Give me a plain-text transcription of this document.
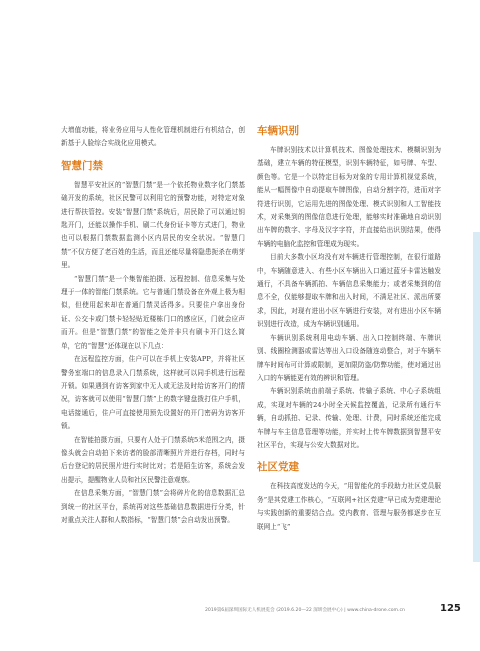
大增值功能，将业务应用与人性化管理机制进行有机结合，创新基于人脸综合实战化应用模式。

智慧门禁

智慧平安社区的“智慧门禁”是一个依托物业数字化门禁基础开发的系统，社区民警可以利用它的预警功能，对特定对象进行帮扶管控。安装“智慧门禁”系统后，居民除了可以通过钥匙开门，还能以操作手机、刷二代身份证卡等方式进门，物业也可以根据门禁数据监测小区内居民的安全状况。“智慧门禁”不仅方便了老百姓的生活，而且还能尽量将隐患扼杀在萌芽里。

“智慧门禁”是一个集智能拍摄、远程控制、信息采集与处理于一体的智能门禁系统。它与普通门禁设备在外观上极为相似，但使用起来却在普通门禁灵活得多。只要住户拿出身份证、公交卡或门禁卡轻轻贴近楼栋门口的感应区，门就会应声而开。但是“智慧门禁”的智能之处并非只有刷卡开门这么简单，它的“智慧”还体现在以下几点：

在远程监控方面，住户可以在手机上安装APP，并将社区警务室端口的信息录入门禁系统，这样就可以同手机进行远程开锁。如果遇到有访客到家中无人或无法及时给访客开门的情况，访客就可以使用“智慧门禁”上的数字键盘拨打住户手机，电话接通后，住户可直接使用预先设置好的开门密码为访客开锁。

在智能拍摄方面，只要有人处于门禁系统5米范围之内，摄像头就会自动拍下来访者的脸部清晰照片并进行存档，同时与后台登记的居民照片进行实时比对；若是陌生访客，系统会发出提示，提醒物业人员和社区民警注意观察。

在信息采集方面，“智慧门禁”会将碎片化的信息数据汇总到统一的社区平台，系统再对这些基础信息数据进行分类，针对重点关注人群和人数指标，“智慧门禁”会自动发出预警。

车辆识别

车牌识别技术以计算机技术、图像处理技术、模糊识别为基础，建立车辆的特征模型，识别车辆特征，如号牌、车型、颜色等。它是一个以特定目标为对象的专用计算机视觉系统，能从一幅图像中自动提取车牌图像，自动分割字符，进而对字符进行识别，它运用先进的图像处理、模式识别和人工智能技术，对采集到的图像信息进行处理，能够实时准确地自动识别出车牌的数字、字母及汉字字符，并直接给出识别结果，使得车辆的电脑化监控和管理成为现实。

目前大多数小区均没有对车辆进行管理控制，在很行道路中，车辆随意进入、有些小区车辆出入口通过蓝牙卡雷达触发通行，不具备车辆抓拍、车辆信息采集能力；或者采集到的信息不全，仅能够提取车牌和出入时间，不满足社区、派出所要求，因此，对现有进出小区车辆进行安装，对有进出小区车辆识别进行改造，成为车辆识别通用。

车辆识别系统利用电动车辆、出入口控制终端、车牌识别、线圈检测器或雷达等出入口设备随连动整合，对于车辆车牌车时间布可计算或限制，更加限防盗/防弊功能，使对通过出入口的车辆能更有效的辨识和管理。

车辆识别系统由前端子系统、传输子系统、中心子系统组成，实现对车辆的24小时全天候监控覆盖，记录所有通行车辆，自动抓拍、记录、传输、处理、计费，同时系统还能完成车牌与车主信息管理等功能，并实时上传车牌数据到智慧平安社区平台，实现与公安大数据对比。

社区党建

在科技高度发达的今天，“用智能化的手段助力社区党员服务”是其党建工作核心，“互联网+社区党建”早已成为党建理论与实践创新的重要结合点。党内教育、管理与服务都逐步在互联网上“飞”

2019第6届深圳国际无人机展览会 (2019.6.20—22 深圳会展中心) | www.china-drone.com.cn	125
